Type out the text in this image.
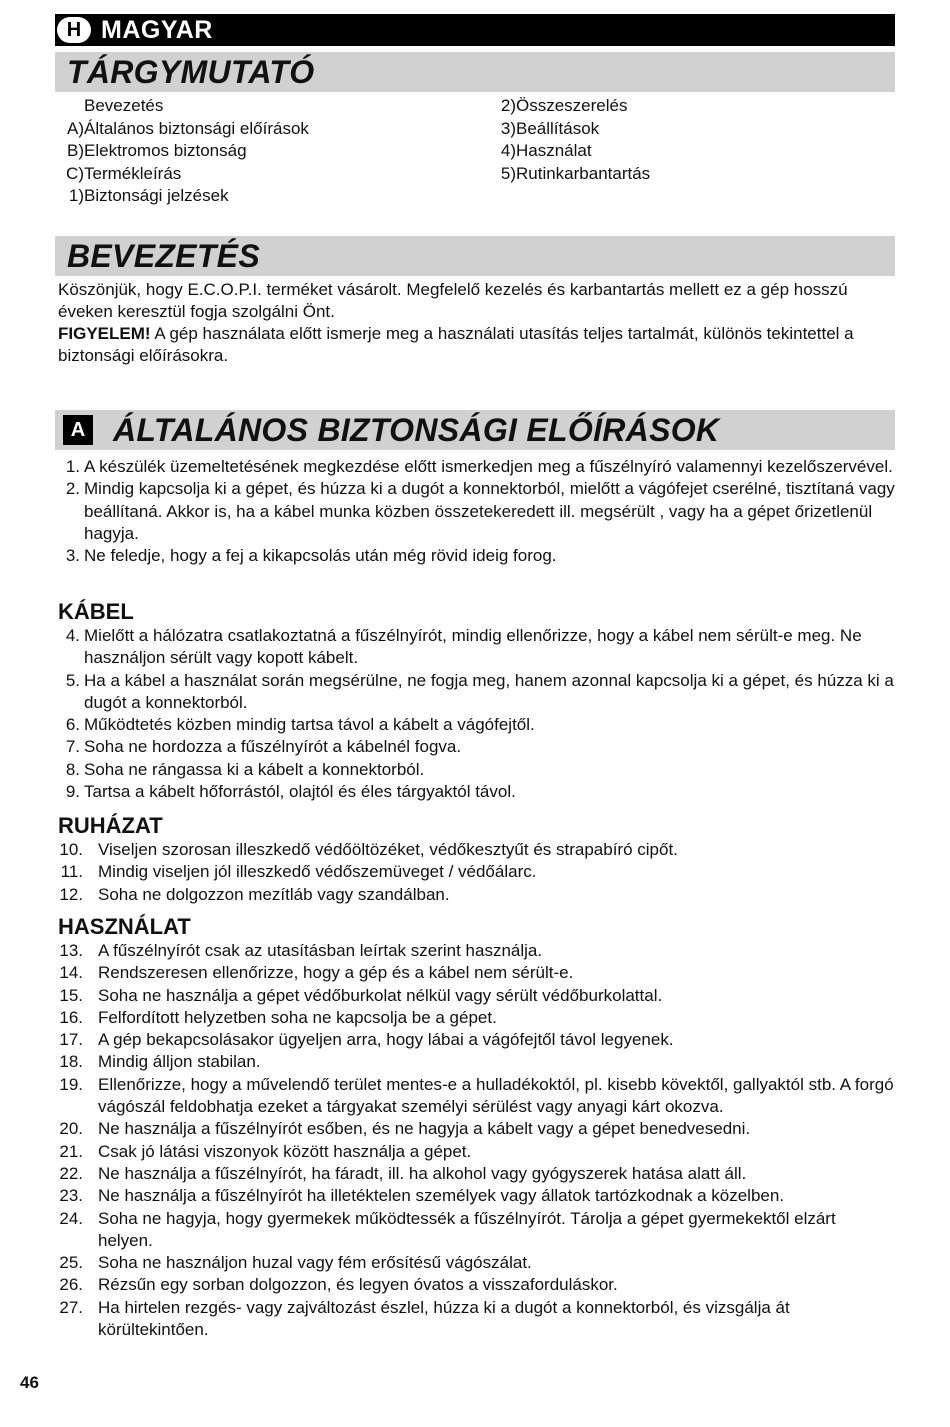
H MAGYAR
TÁRGYMUTATÓ
Bevezetés
A) Általános biztonsági előírások
B) Elektromos biztonság
C) Termékleírás
1) Biztonsági jelzések
2) Összeszerelés
3) Beállítások
4) Használat
5) Rutinkarbantartás
BEVEZETÉS
Köszönjük, hogy E.C.O.P.I. terméket vásárolt. Megfelelő kezelés és karbantartás mellett ez a gép hosszú éveken keresztül fogja szolgálni Önt.
FIGYELEM! A gép használata előtt ismerje meg a használati utasítás teljes tartalmát, különös tekintettel a biztonsági előírásokra.
A ÁLTALÁNOS BIZTONSÁGI ELŐÍRÁSOK
1. A készülék üzemeltetésének megkezdése előtt ismerkedjen meg a fűszélnyíró valamennyi kezelőszervével.
2. Mindig kapcsolja ki a gépet, és húzza ki a dugót a konnektorból, mielőtt a vágófejet cserélné, tisztítaná vagy beállítaná. Akkor is, ha a kábel munka közben összetekeredett ill. megsérült , vagy ha a gépet őrizetlenül hagyja.
3. Ne feledje, hogy a fej a kikapcsolás után még rövid ideig forog.
KÁBEL
4. Mielőtt a hálózatra csatlakoztatná a fűszélnyírót, mindig ellenőrizze, hogy a kábel nem sérült-e meg. Ne használjon sérült vagy kopott kábelt.
5. Ha a kábel a használat során megsérülne, ne fogja meg, hanem azonnal kapcsolja ki a gépet, és húzza ki a dugót a konnektorból.
6. Működtetés közben mindig tartsa távol a kábelt a vágófejtől.
7. Soha ne hordozza a fűszélnyírót a kábelnél fogva.
8. Soha ne rángassa ki a kábelt a konnektorból.
9. Tartsa a kábelt hőforrástól, olajtól és éles tárgyaktól távol.
RUHÁZAT
10. Viseljen szorosan illeszkedő védőöltözéket, védőkesztyűt és strapabíró cipőt.
11. Mindig viseljen jól illeszkedő védőszemüveget / védőálarc.
12. Soha ne dolgozzon mezítláb vagy szandálban.
HASZNÁLAT
13. A fűszélnyírót csak az utasításban leírtak szerint használja.
14. Rendszeresen ellenőrizze, hogy a gép és a kábel nem sérült-e.
15. Soha ne használja a gépet védőburkolat nélkül vagy sérült védőburkolattal.
16. Felfordított helyzetben soha ne kapcsolja be a gépet.
17. A gép bekapcsolásakor ügyeljen arra, hogy lábai a vágófejtől távol legyenek.
18. Mindig álljon stabilan.
19. Ellenőrizze, hogy a művelendő terület mentes-e a hulladékoktól, pl. kisebb kövektől, gallyaktól stb. A forgó vágószál feldobhatja ezeket a tárgyakat személyi sérülést vagy anyagi kárt okozva.
20. Ne használja a fűszélnyírót esőben, és ne hagyja a kábelt vagy a gépet benedvesedni.
21. Csak jó látási viszonyok között használja a gépet.
22. Ne használja a fűszélnyírót, ha fáradt, ill. ha alkohol vagy gyógyszerek hatása alatt áll.
23. Ne használja a fűszélnyírót ha illetéktelen személyek vagy állatok tartózkodnak a közelben.
24. Soha ne hagyja, hogy gyermekek működtessék a fűszélnyírót. Tárolja a gépet gyermekektől elzárt helyen.
25. Soha ne használjon huzal vagy fém erősítésű vágószálat.
26. Rézsűn egy sorban dolgozzon, és legyen óvatos a visszaforduláskor.
27. Ha hirtelen rezgés- vagy zajváltozást észlel, húzza ki a dugót a konnektorból, és vizsgálja át körültekintően.
46
